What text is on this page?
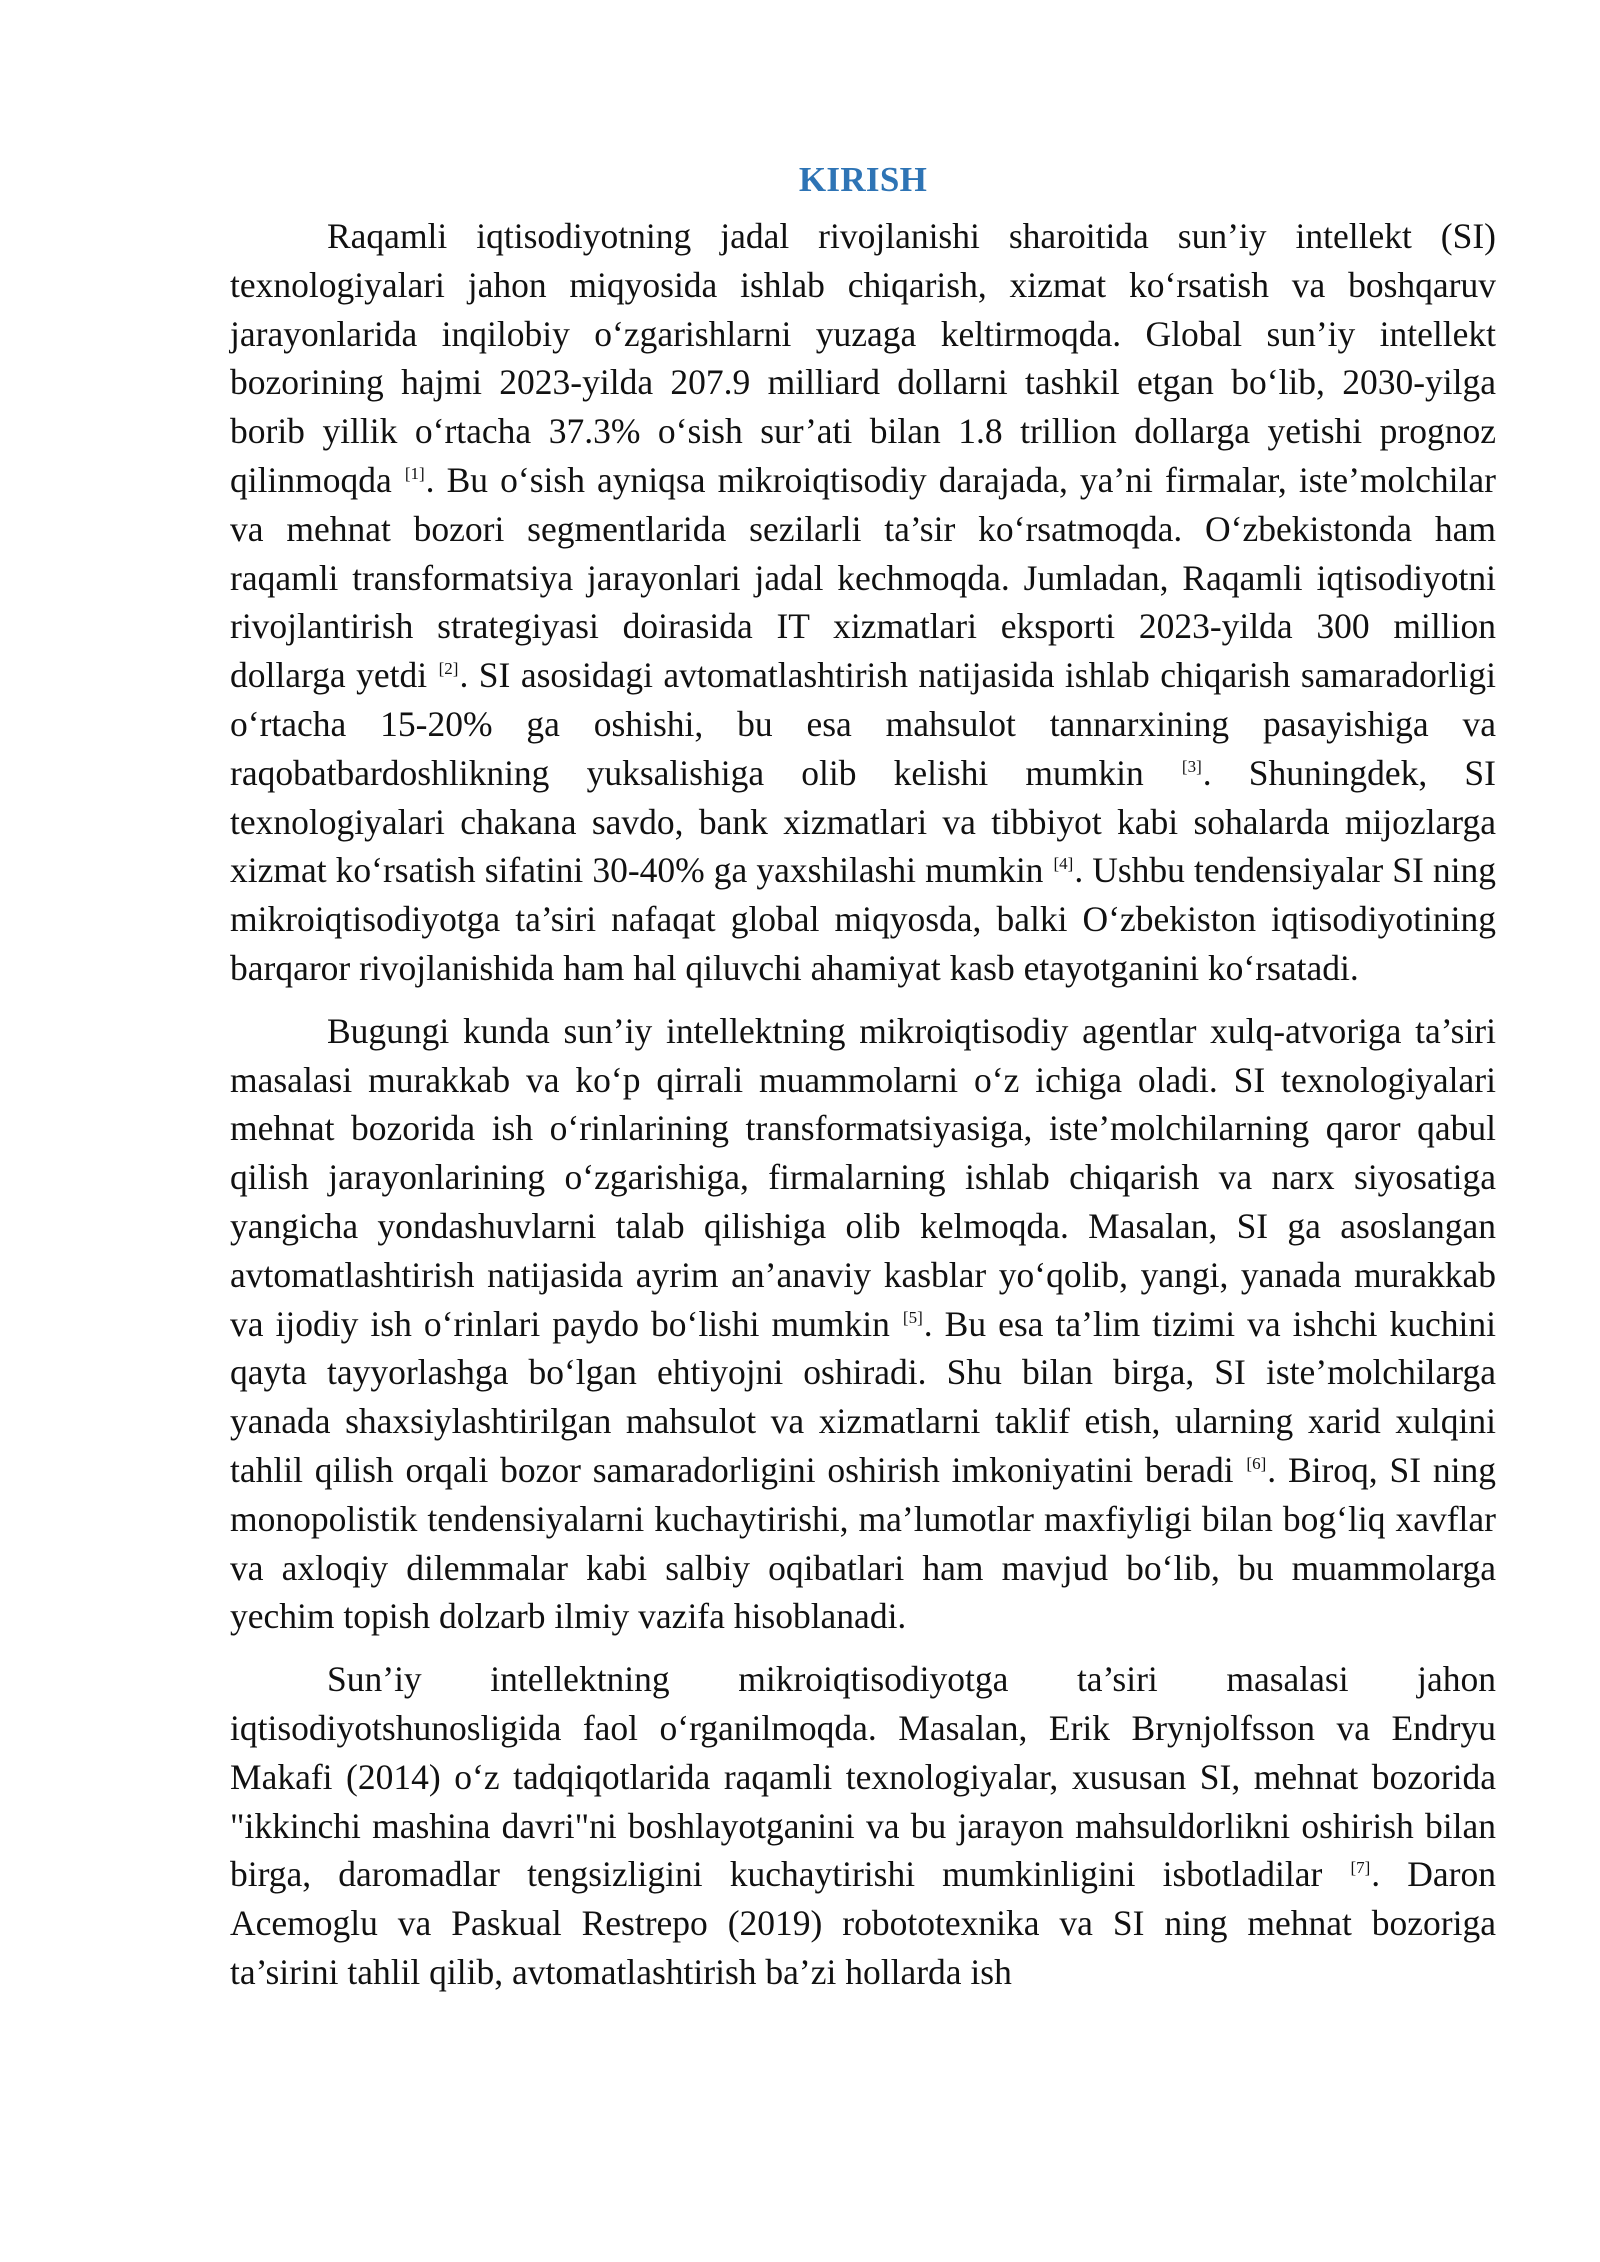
KIRISH

Raqamli iqtisodiyotning jadal rivojlanishi sharoitida sun’iy intellekt (SI) texnologiyalari jahon miqyosida ishlab chiqarish, xizmat ko‘rsatish va boshqaruv jarayonlarida inqilobiy o‘zgarishlarni yuzaga keltirmoqda. Global sun’iy intellekt bozorining hajmi 2023-yilda 207.9 milliard dollarni tashkil etgan bo‘lib, 2030-yilga borib yillik o‘rtacha 37.3% o‘sish sur’ati bilan 1.8 trillion dollarga yetishi prognoz qilinmoqda [1]. Bu o‘sish ayniqsa mikroiqtisodiy darajada, ya’ni firmalar, iste’molchilar va mehnat bozori segmentlarida sezilarli ta’sir ko‘rsatmoqda. O‘zbekistonda ham raqamli transformatsiya jarayonlari jadal kechmoqda. Jumladan, Raqamli iqtisodiyotni rivojlantirish strategiyasi doirasida IT xizmatlari eksporti 2023-yilda 300 million dollarga yetdi [2]. SI asosidagi avtomatlashtirish natijasida ishlab chiqarish samaradorligi o‘rtacha 15-20% ga oshishi, bu esa mahsulot tannarxining pasayishiga va raqobatbardoshlikning yuksalishiga olib kelishi mumkin [3]. Shuningdek, SI texnologiyalari chakana savdo, bank xizmatlari va tibbiyot kabi sohalarda mijozlarga xizmat ko‘rsatish sifatini 30-40% ga yaxshilashi mumkin [4]. Ushbu tendensiyalar SI ning mikroiqtisodiyotga ta’siri nafaqat global miqyosda, balki O‘zbekiston iqtisodiyotining barqaror rivojlanishida ham hal qiluvchi ahamiyat kasb etayotganini ko‘rsatadi.

Bugungi kunda sun’iy intellektning mikroiqtisodiy agentlar xulq-atvoriga ta’siri masalasi murakkab va ko‘p qirrali muammolarni o‘z ichiga oladi. SI texnologiyalari mehnat bozorida ish o‘rinlarining transformatsiyasiga, iste’molchilarning qaror qabul qilish jarayonlarining o‘zgarishiga, firmalarning ishlab chiqarish va narx siyosatiga yangicha yondashuvlarni talab qilishiga olib kelmoqda. Masalan, SI ga asoslangan avtomatlashtirish natijasida ayrim an’anaviy kasblar yo‘qolib, yangi, yanada murakkab va ijodiy ish o‘rinlari paydo bo‘lishi mumkin [5]. Bu esa ta’lim tizimi va ishchi kuchini qayta tayyorlashga bo‘lgan ehtiyojni oshiradi. Shu bilan birga, SI iste’molchilarga yanada shaxsiylashtirilgan mahsulot va xizmatlarni taklif etish, ularning xarid xulqini tahlil qilish orqali bozor samaradorligini oshirish imkoniyatini beradi [6]. Biroq, SI ning monopolistik tendensiyalarni kuchaytirishi, ma’lumotlar maxfiyligi bilan bog‘liq xavflar va axloqiy dilemmalar kabi salbiy oqibatlari ham mavjud bo‘lib, bu muammolarga yechim topish dolzarb ilmiy vazifa hisoblanadi.

Sun’iy intellektning mikroiqtisodiyotga ta’siri masalasi jahon iqtisodiyotshunosligida faol o‘rganilmoqda. Masalan, Erik Brynjolfsson va Endryu Makafi (2014) o‘z tadqiqotlarida raqamli texnologiyalar, xususan SI, mehnat bozorida "ikkinchi mashina davri"ni boshlayotganini va bu jarayon mahsuldorlikni oshirish bilan birga, daromadlar tengsizligini kuchaytirishi mumkinligini isbotladilar [7]. Daron Acemoglu va Paskual Restrepo (2019) robototexnika va SI ning mehnat bozoriga ta’sirini tahlil qilib, avtomatlashtirish ba’zi hollarda ish
